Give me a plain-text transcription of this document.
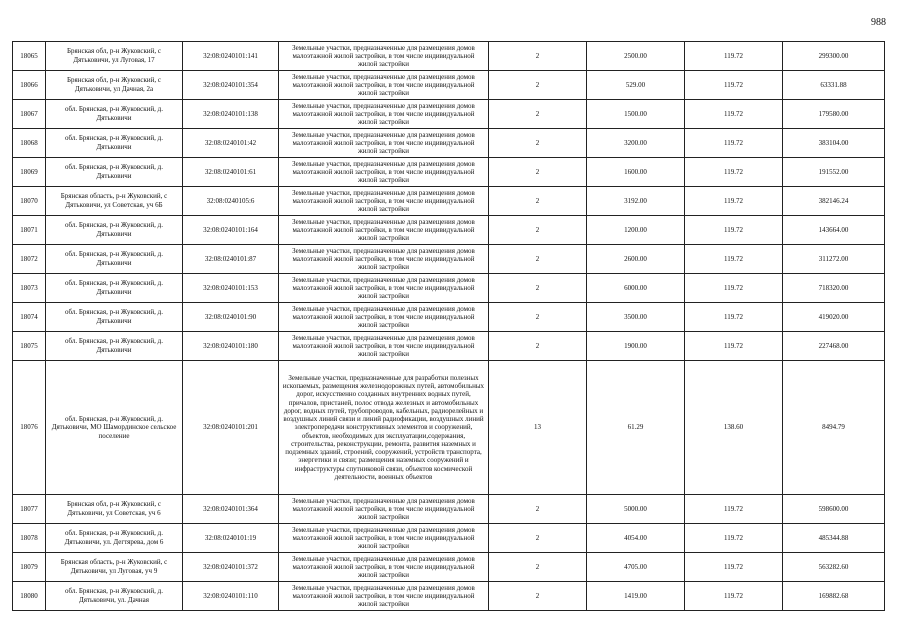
988
18065	Брянская обл, р-н Жуковский, с Дятьковичи, ул Луговая, 17	32:08:0240101:141	Земельные участки, предназначенные для размещения домов малоэтажной жилой застройки, в том числе индивидуальной жилой застройки	2	2500.00	119.72	299300.00
18066	Брянская обл, р-н Жуковский, с Дятьковичи, ул Дачная, 2а	32:08:0240101:354	Земельные участки, предназначенные для размещения домов малоэтажной жилой застройки, в том числе индивидуальной жилой застройки	2	529.00	119.72	63331.88
18067	обл. Брянская, р-н Жуковский, д. Дятьковичи	32:08:0240101:138	Земельные участки, предназначенные для размещения домов малоэтажной жилой застройки, в том числе индивидуальной жилой застройки	2	1500.00	119.72	179580.00
18068	обл. Брянская, р-н Жуковский, д. Дятьковичи	32:08:0240101:42	Земельные участки, предназначенные для размещения домов малоэтажной жилой застройки, в том числе индивидуальной жилой застройки	2	3200.00	119.72	383104.00
18069	обл. Брянская, р-н Жуковский, д. Дятьковичи	32:08:0240101:61	Земельные участки, предназначенные для размещения домов малоэтажной жилой застройки, в том числе индивидуальной жилой застройки	2	1600.00	119.72	191552.00
18070	Брянская область, р-н Жуковский, с Дятьковичи, ул Советская, уч 6Б	32:08:0240105:6	Земельные участки, предназначенные для размещения домов малоэтажной жилой застройки, в том числе индивидуальной жилой застройки	2	3192.00	119.72	382146.24
18071	обл. Брянская, р-н Жуковский, д. Дятьковичи	32:08:0240101:164	Земельные участки, предназначенные для размещения домов малоэтажной жилой застройки, в том числе индивидуальной жилой застройки	2	1200.00	119.72	143664.00
18072	обл. Брянская, р-н Жуковский, д. Дятьковичи	32:08:0240101:87	Земельные участки, предназначенные для размещения домов малоэтажной жилой застройки, в том числе индивидуальной жилой застройки	2	2600.00	119.72	311272.00
18073	обл. Брянская, р-н Жуковский, д. Дятьковичи	32:08:0240101:153	Земельные участки, предназначенные для размещения домов малоэтажной жилой застройки, в том числе индивидуальной жилой застройки	2	6000.00	119.72	718320.00
18074	обл. Брянская, р-н Жуковский, д. Дятьковичи	32:08:0240101:90	Земельные участки, предназначенные для размещения домов малоэтажной жилой застройки, в том числе индивидуальной жилой застройки	2	3500.00	119.72	419020.00
18075	обл. Брянская, р-н Жуковский, д. Дятьковичи	32:08:0240101:180	Земельные участки, предназначенные для размещения домов малоэтажной жилой застройки, в том числе индивидуальной жилой застройки	2	1900.00	119.72	227468.00
18076	обл. Брянская, р-н Жуковский, д. Дятьковичи, МО Шамординское сельское поселение	32:08:0240101:201	Земельные участки, предназначенные для разработки полезных ископаемых, размещения железнодорожных путей, автомобильных дорог, искусственно созданных внутренних водных путей, причалов, пристаней, полос отвода железных и автомобильных дорог, водных путей, трубопроводов, кабельных, радиорелейных и воздушных линий связи и линий радиофикации, воздушных линий электропередачи конструктивных элементов и сооружений, объектов, необходимых для эксплуатации,содержания, строительства, реконструкции, ремонта, развития наземных и подземных зданий, строений, сооружений, устройств транспорта, энергетики и связи; размещения наземных сооружений и инфраструктуры спутниковой связи, объектов космической деятельности, военных объектов	13	61.29	138.60	8494.79
18077	Брянская обл, р-н Жуковский, с Дятьковичи, ул Советская, уч 6	32:08:0240101:364	Земельные участки, предназначенные для размещения домов малоэтажной жилой застройки, в том числе индивидуальной жилой застройки	2	5000.00	119.72	598600.00
18078	обл. Брянская, р-н Жуковский, д. Дятьковичи, ул. Дегтярева, дом 6	32:08:0240101:19	Земельные участки, предназначенные для размещения домов малоэтажной жилой застройки, в том числе индивидуальной жилой застройки	2	4054.00	119.72	485344.88
18079	Брянская область, р-н Жуковский, с Дятьковичи, ул Луговая, уч 9	32:08:0240101:372	Земельные участки, предназначенные для размещения домов малоэтажной жилой застройки, в том числе индивидуальной жилой застройки	2	4705.00	119.72	563282.60
18080	обл. Брянская, р-н Жуковский, д. Дятьковичи, ул. Дачная	32:08:0240101:110	Земельные участки, предназначенные для размещения домов малоэтажной жилой застройки, в том числе индивидуальной жилой застройки	2	1419.00	119.72	169882.68
